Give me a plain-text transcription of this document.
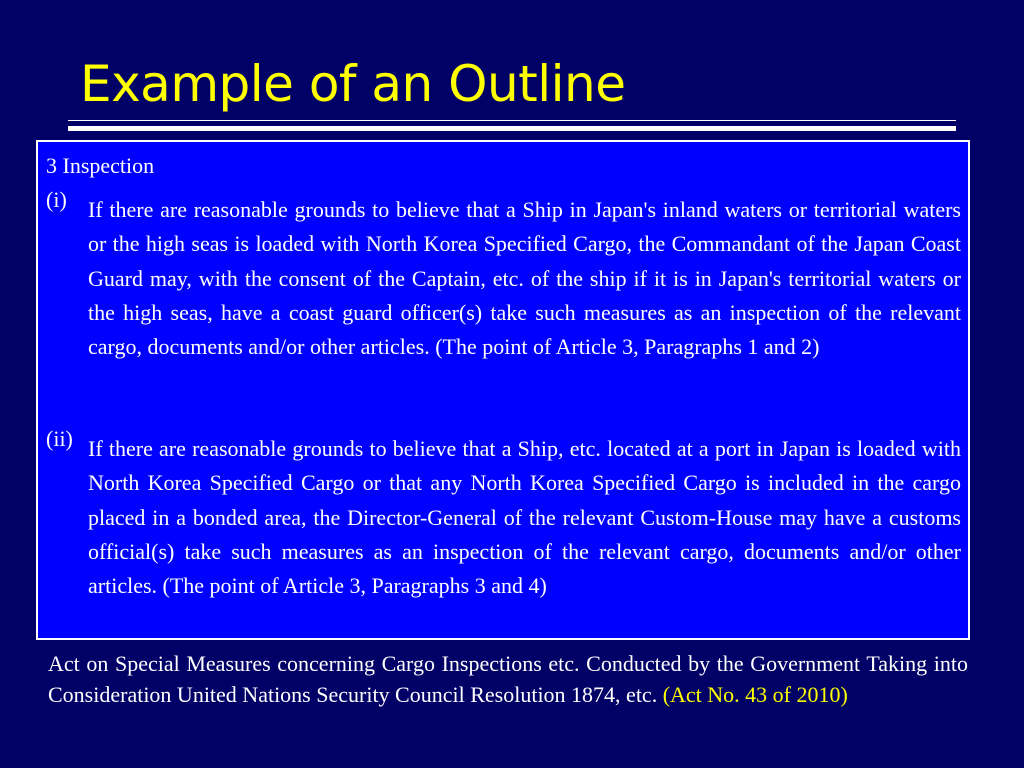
Example of an Outline
3 Inspection
(i) If there are reasonable grounds to believe that a Ship in Japan's inland waters or territorial waters or the high seas is loaded with North Korea Specified Cargo, the Commandant of the Japan Coast Guard may, with the consent of the Captain, etc. of the ship if it is in Japan's territorial waters or the high seas, have a coast guard officer(s) take such measures as an inspection of the relevant cargo, documents and/or other articles. (The point of Article 3, Paragraphs 1 and 2)
(ii) If there are reasonable grounds to believe that a Ship, etc. located at a port in Japan is loaded with North Korea Specified Cargo or that any North Korea Specified Cargo is included in the cargo placed in a bonded area, the Director-General of the relevant Custom-House may have a customs official(s) take such measures as an inspection of the relevant cargo, documents and/or other articles. (The point of Article 3, Paragraphs 3 and 4)
Act on Special Measures concerning Cargo Inspections etc. Conducted by the Government Taking into Consideration United Nations Security Council Resolution 1874, etc. (Act No. 43 of 2010)
